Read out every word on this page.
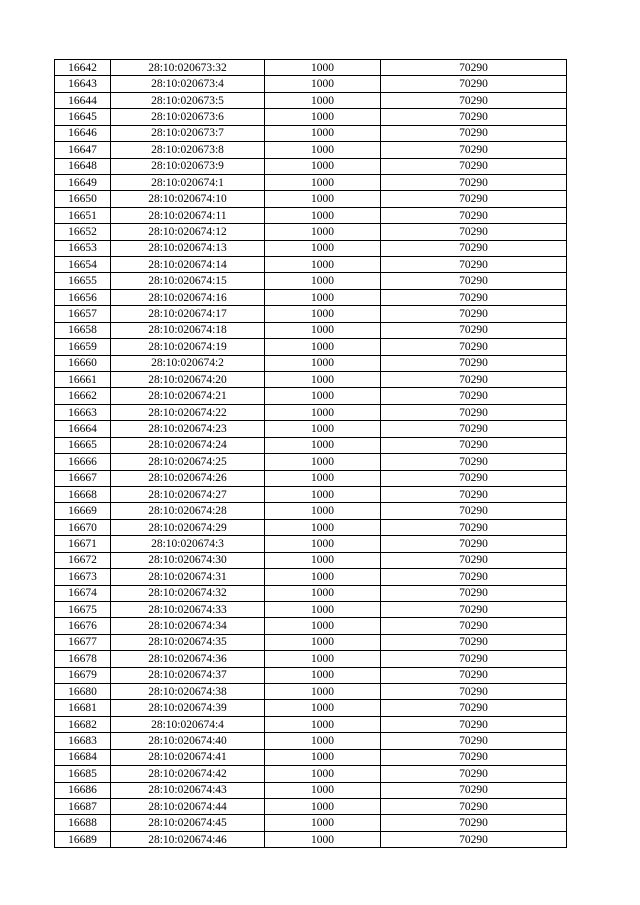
16642	28:10:020673:32	1000	70290
16643	28:10:020673:4	1000	70290
16644	28:10:020673:5	1000	70290
16645	28:10:020673:6	1000	70290
16646	28:10:020673:7	1000	70290
16647	28:10:020673:8	1000	70290
16648	28:10:020673:9	1000	70290
16649	28:10:020674:1	1000	70290
16650	28:10:020674:10	1000	70290
16651	28:10:020674:11	1000	70290
16652	28:10:020674:12	1000	70290
16653	28:10:020674:13	1000	70290
16654	28:10:020674:14	1000	70290
16655	28:10:020674:15	1000	70290
16656	28:10:020674:16	1000	70290
16657	28:10:020674:17	1000	70290
16658	28:10:020674:18	1000	70290
16659	28:10:020674:19	1000	70290
16660	28:10:020674:2	1000	70290
16661	28:10:020674:20	1000	70290
16662	28:10:020674:21	1000	70290
16663	28:10:020674:22	1000	70290
16664	28:10:020674:23	1000	70290
16665	28:10:020674:24	1000	70290
16666	28:10:020674:25	1000	70290
16667	28:10:020674:26	1000	70290
16668	28:10:020674:27	1000	70290
16669	28:10:020674:28	1000	70290
16670	28:10:020674:29	1000	70290
16671	28:10:020674:3	1000	70290
16672	28:10:020674:30	1000	70290
16673	28:10:020674:31	1000	70290
16674	28:10:020674:32	1000	70290
16675	28:10:020674:33	1000	70290
16676	28:10:020674:34	1000	70290
16677	28:10:020674:35	1000	70290
16678	28:10:020674:36	1000	70290
16679	28:10:020674:37	1000	70290
16680	28:10:020674:38	1000	70290
16681	28:10:020674:39	1000	70290
16682	28:10:020674:4	1000	70290
16683	28:10:020674:40	1000	70290
16684	28:10:020674:41	1000	70290
16685	28:10:020674:42	1000	70290
16686	28:10:020674:43	1000	70290
16687	28:10:020674:44	1000	70290
16688	28:10:020674:45	1000	70290
16689	28:10:020674:46	1000	70290
